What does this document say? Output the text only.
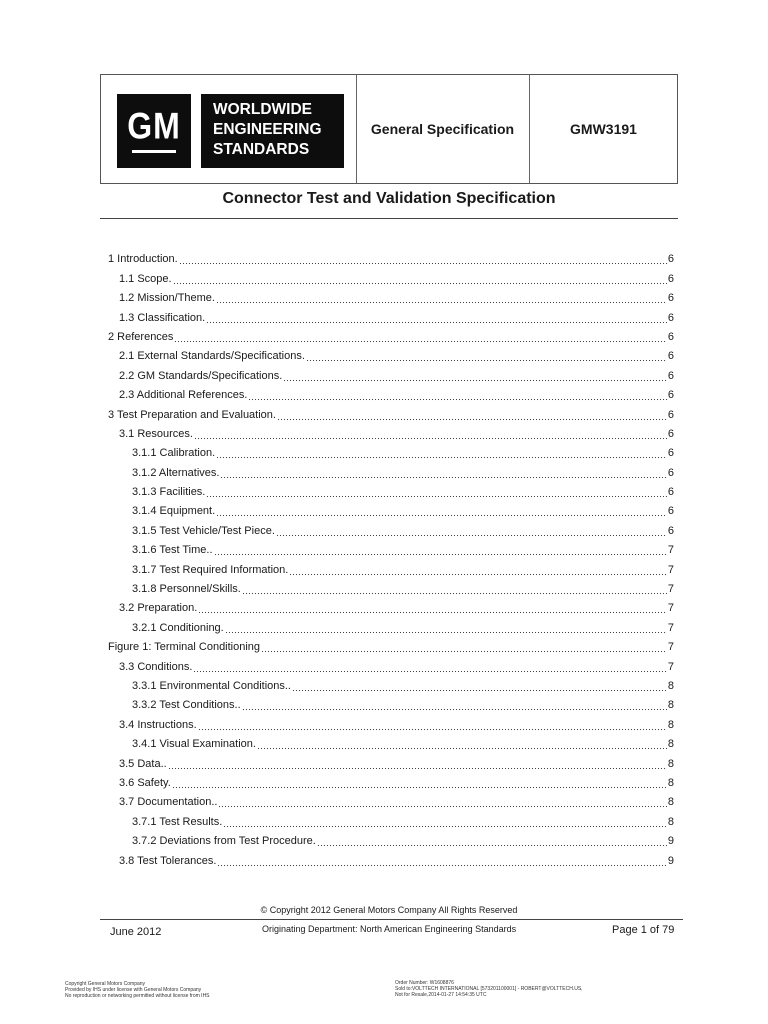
GM WORLDWIDE
ENGINEERING
STANDARDS
General Specification	GMW3191
Connector Test and Validation Specification
1 Introduction.	6
1.1 Scope.	6
1.2 Mission/Theme.	6
1.3 Classification.	6
2 References	6
2.1 External Standards/Specifications.	6
2.2 GM Standards/Specifications.	6
2.3 Additional References.	6
3 Test Preparation and Evaluation.	6
3.1 Resources.	6
3.1.1 Calibration.	6
3.1.2 Alternatives.	6
3.1.3 Facilities.	6
3.1.4 Equipment.	6
3.1.5 Test Vehicle/Test Piece.	6
3.1.6 Test Time..	7
3.1.7 Test Required Information.	7
3.1.8 Personnel/Skills.	7
3.2 Preparation.	7
3.2.1 Conditioning.	7
Figure 1: Terminal Conditioning	7
3.3 Conditions.	7
3.3.1 Environmental Conditions..	8
3.3.2 Test Conditions..	8
3.4 Instructions.	8
3.4.1 Visual Examination.	8
3.5 Data..	8
3.6 Safety.	8
3.7 Documentation..	8
3.7.1 Test Results.	8
3.7.2 Deviations from Test Procedure.	9
3.8 Test Tolerances.	9
© Copyright 2012 General Motors Company All Rights Reserved
June 2012	Originating Department: North American Engineering Standards	Page 1 of 79
Copyright General Motors Company
Provided by IHS under license with General Motors Company
No reproduction or networking permitted without license from IHS
Order Number: W1608876
Sold to:VOLTTECH INTERNATIONAL [573201100001] - ROBERT@VOLTTECH.US,
Not for Resale,2014-01-27 14:54:35 UTC
